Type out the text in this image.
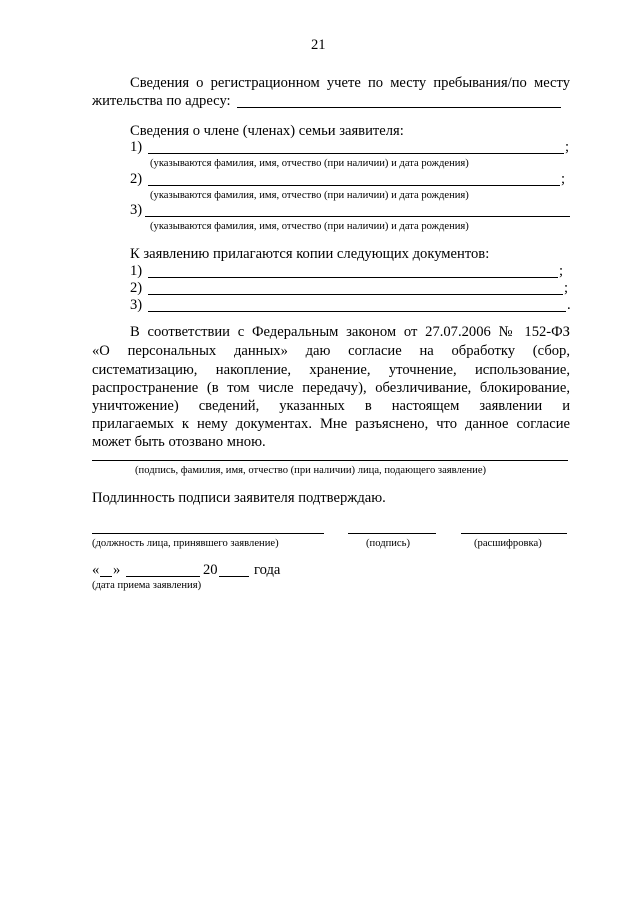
21
Сведения о регистрационном учете по месту пребывания/по месту
жительства по адресу:
Сведения о члене (членах) семьи заявителя:
1)	;
(указываются фамилия, имя, отчество (при наличии) и дата рождения)
2)	;
(указываются фамилия, имя, отчество (при наличии) и дата рождения)
3)
(указываются фамилия, имя, отчество (при наличии) и дата рождения)
К заявлению прилагаются копии следующих документов:
1)	;
2)	;
3)	.
В соответствии с Федеральным законом от 27.07.2006 № 152-ФЗ
«О персональных данных» даю согласие на обработку (сбор,
систематизацию, накопление, хранение, уточнение, использование,
распространение (в том числе передачу), обезличивание, блокирование,
уничтожение) сведений, указанных в настоящем заявлении и
прилагаемых к нему документах. Мне разъяснено, что данное согласие
может быть отозвано мною.
(подпись, фамилия, имя, отчество (при наличии) лица, подающего заявление)
Подлинность подписи заявителя подтверждаю.
(должность лица, принявшего заявление)	(подпись)	(расшифровка)
« »	20 года
(дата приема заявления)
